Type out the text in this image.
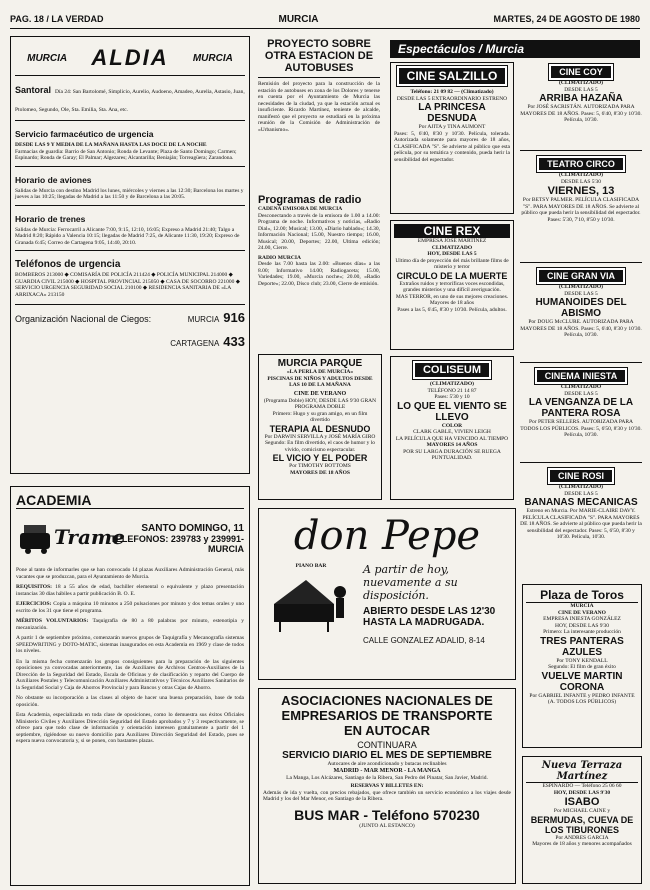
PAG. 18 / LA VERDAD	MURCIA	MARTES, 24 DE AGOSTO DE 1980
MURCIA ALDIA MURCIA
Santoral Día 24: San Bartolomé, Simplicio, Aurelio, Audoeno, Amadeo, Aurelia, Astasio, Juan, Ptolomeo, Segundo, Ole, Sta. Emilia, Sta. Ana, etc.
Servicio farmacéutico de urgencia
DESDE LAS 9 Y MEDIA DE LA MAÑANA HASTA LAS DOCE DE LA NOCHE
Farmacias de guardia: Barrio de San Antonio; Ronda de Levante; Plaza de Santo Domingo; Carmen; Espinardo; Ronda de Garay; El Palmar; Algezares; Alcantarilla; Beniaján; Torreagüera; Zarandona.
Horario de aviones
Salidas de Murcia con destino Madrid los lunes, miércoles y viernes a las 12:30; Barcelona los martes y jueves a las 10:25; llegadas de Madrid a las 11:50 y de Barcelona a las 20:05.
Horario de trenes
Salidas de Murcia: Ferrocarril a Alicante 7:00, 9:15, 12:10, 16:05; Expreso a Madrid 21:40; Talgo a Madrid 8:20; Rápido a Valencia 10:15; llegadas de Madrid 7:25, de Alicante 11:30, 19:20; Expreso de Granada 6:45; Correo de Cartagena 9:05, 14:40, 20:10.
Teléfonos de urgencia
BOMBEROS 213000 ◆ COMISARÍA DE POLICÍA 211424 ◆ POLICÍA MUNICIPAL 214000 ◆ GUARDIA CIVIL 215000 ◆ HOSPITAL PROVINCIAL 215050 ◆ CASA DE SOCORRO 221000 ◆ SERVICIO URGENCIA SEGURIDAD SOCIAL 210100 ◆ RESIDENCIA SANITARIA DE «LA ARRIXACA» 213150
Organización Nacional de Ciegos:	MURCIA 916
CARTAGENA 433
ACADEMIA
Trame	SANTO DOMINGO, 11
TELEFONOS: 239783 y 239991-MURCIA
Pone al tanto de informarles que se han convocado 14 plazas Auxiliares Administración General, más vacantes que se produzcan, para el Ayuntamiento de Murcia.
REQUISITOS: 18 a 55 años de edad, bachiller elemental o equivalente y plazo presentación instancias 30 días hábiles a partir publicación B. O. E.
EJERCICIOS: Copia a máquina 10 minutos a 250 pulsaciones por minuto y dos temas orales y uno escrito de los 31 que tiene el programa.
MÉRITOS VOLUNTARIOS: Taquigrafía de 80 a 80 palabras por minuto, estenotipia y mecanización.
A partir 1 de septiembre próximo, comenzarán nuevos grupos de Taquigrafía y Mecanografía sistemas SPEEDWRITING y DOTO-MATIC, sistemas inaugurados en esta Academia en 1969 y clase de todos los niveles.
En la misma fecha comenzarán los grupos consiguientes para la preparación de las siguientes oposiciones ya convocadas anteriormente, 1as de Auxiliares de Archivos Centros-Auxiliares de la Dirección de la Seguridad del Estado, Escala de Oficinas y de clasificación y reparto del Cuerpo de Auxiliares Postales y Telecomunicación Auxiliares Administrativos y Técnicos Auxiliares Sanitarios de la Seguridad Social y Caja de Ahorros Provincial y para Bancos y otras Cajas de Ahorro.
No obstante su incorporación a las clases al objeto de hacer una buena preparación, base de toda oposición.
Esta Academia, especializada en toda clase de oposiciones, como lo demuestra sus éxitos Oficiales Ministerio Civiles y Auxiliares Dirección Seguridad del Estado aprobados y 7 y 3 respectivamente, se ofrece para que todo clase de información y orientación interesen gratuitamente a partir del 1 septiembre, rigiéndose su nuevo domicilio para Auxiliares Dirección Seguridad del Estado, pues se espera nueva convocatoria y, si se ponen, con bastantes plazas.
PROYECTO SOBRE OTRA ESTACION DE AUTOBUSES
Remisión del proyecto para la construcción de la estación de autobuses en zona de los Dolores y tenerse en cuenta por el Ayuntamiento de Murcia las necesidades de la ciudad, ya que la estación actual es insuficiente. Ricardo Martínez, teniente de alcalde, manifestó que el proyecto se estudiará en la próxima reunión de la Comisión de Administración de «Urbanismo».
Programas de radio
CADENA EMISORA DE MURCIA
Desconectando a través de la emisora de 1.00 a 14.00: Programa de noche. Informativos y noticias, «Radio Dial», 12.00; Musical; 13.00, «Diario hablado»; 14.30, Información Nacional; 15.00, Nuestro tiempo; 16.00, Musical; 20.00, Deportes; 22.00, Ultima edición; 24.00, Cierre.
RADIO MURCIA
Desde las 7.00 hasta las 2.00: «Buenos días» a las 8.00; Informativo 14.00; Radiogaceta; 15.00, Variedades; 19.00, «Murcia noche»; 20.00, «Radio Deporte»; 22.00, Disco club; 23.00, Cierre de emisión.
MURCIA PARQUE
«LA PERLA DE MURCIA»
PISCINAS DE NIÑOS Y ADULTOS DESDE LAS 10 DE LA MAÑANA
CINE DE VERANO
(Programa Doble) HOY, DESDE LAS 9'30 GRAN PROGRAMA DOBLE
Primero: Hugo y su gran amigo, en un film divertido
TERAPIA AL DESNUDO
Por DARWIN SERVILLA y JOSÉ MARÍA GIRO
Segundo: En film divertido, el caos de humor y lo vivido, comicismo espectacular.
EL VICIO Y EL PODER
Por TIMOTHY BOTTOMS
MAYORES DE 18 AÑOS
Espectáculos / Murcia
CINE SALZILLO
Teléfono: 21 09 82 — (Climatizado)
DESDE LAS 5 EXTRAORDINARIO ESTRENO
LA PRINCESA DESNUDA
Por AJITA y TINA AUMONT
Pases: 5, 6'40, 8'30 y 10'30. Película, tolerada. Autorizada solamente para mayores de 18 años, CLASIFICADA "S". Se advierte al público que esta película, por su temática y contenido, pueda herir la sensibilidad del espectador.
CINE REX
EMPRESA JOSÉ MARTÍNEZ
CLIMATIZADO
HOY, DESDE LAS 5
Ultimo día de proyección del más brillante films de misterio y terror
CIRCULO DE LA MUERTE
Extraños ruidos y terroríficas voces escondidas, grandes misterios y una difícil averiguación.
MAS TERROR, en uno de sus mejores creaciones. Mayores de 18 años
Pases a las 5, 6'45, 8'30 y 10'30. Película, adultos.
COLISEUM
(CLIMATIZADO)
TELÉFONO 21 14 87
Pases: 5'30 y 10
LO QUE EL VIENTO SE LLEVO
COLOR
CLARK GABLE, VIVIEN LEIGH
LA PELÍCULA QUE HA VENCIDO AL TIEMPO
MAYORES 14 AÑOS
POR SU LARGA DURACIÓN SE RUEGA PUNTUALIDAD.
CINE COY
(CLIMATIZADO)
DESDE LAS 5
ARRIBA HAZAÑA
Por JOSÉ SACRISTÁN. AUTORIZADA PARA MAYORES DE 18 AÑOS. Pases: 5, 6'40, 8'30 y 10'30. Película, 10'30.
TEATRO CIRCO
(CLIMATIZADO)
DESDE LAS 5'30
VIERNES, 13
Por BETSY PALMER. PELÍCULA CLASIFICADA "S". PARA MAYORES DE 18 AÑOS. Se advierte al público que pueda herir la sensibilidad del espectador. Pases: 5'30, 7'10, 8'50 y 10'30.
CINE GRAN VIA
(CLIMATIZADO)
DESDE LAS 5
HUMANOIDES DEL ABISMO
Por DOUG McCLURE. AUTORIZADA PARA MAYORES DE 18 AÑOS. Pases: 5, 6'40, 8'30 y 10'30. Película, 10'30.
CINEMA INIESTA
CLIMATIZADO
DESDE LAS 5
LA VENGANZA DE LA PANTERA ROSA
Por PETER SELLERS. AUTORIZADA PARA TODOS LOS PÚBLICOS. Pases: 5, 6'50, 8'30 y 10'30. Película, 10'30.
CINE ROSI
(CLIMATIZADO)
DESDE LAS 5
BANANAS MECANICAS
Estreno en Murcia. Por MARIE-CLAIRE DAVY. PELÍCULA CLASIFICADA "S". PARA MAYORES DE 18 AÑOS. Se advierte al público que pueda herir la sensibilidad del espectador. Pases: 5, 6'50, 8'30 y 10'30. Película, 10'30.
don Pepe
PIANO BAR	A partir de hoy, nuevamente a su disposición.
ABIERTO DESDE LAS 12'30 HASTA LA MADRUGADA.
CALLE GONZALEZ ADALID, 8-14
ASOCIACIONES NACIONALES DE
EMPRESARIOS DE TRANSPORTE
EN AUTOCAR
CONTINUARA
SERVICIO DIARIO EL MES DE SEPTIEMBRE
Autocares de aire acondicionado y butacas reclinables
MADRID - MAR MENOR - LA MANGA
La Manga, Los Alcázares, Santiago de la Ribera, San Pedro del Pinatar, San Javier, Madrid.
RESERVAS Y BILLETES EN:
Además de ida y vuelta, con precios rebajados, que ofrece también un servicio económico a los viajes desde Madrid y los del Mar Menor, en Santiago de la Ribera.
BUS MAR - Teléfono 570230
(JUNTO AL ESTANCO)
Plaza de Toros
MURCIA
CINE DE VERANO
EMPRESA INIESTA GONZÁLEZ
HOY, DESDE LAS 9'30
Primero: La interesante producción
TRES PANTERAS AZULES
Por TONY KENDALL
Segundo: El film de gran éxito
VUELVE MARTIN CORONA
Por GABRIEL INFANTE y PEDRO INFANTE
(A. TODOS LOS PÚBLICOS)
Nueva Terraza Martínez
ESPINARDO — Teléfono 25 06 60
HOY, DESDE LAS 9'30
ISABO
Por MICHAEL CAINE y
BERMUDAS, CUEVA DE LOS TIBURONES
Por ANDRES GARCIA
Mayores de 18 años y menores acompañados
